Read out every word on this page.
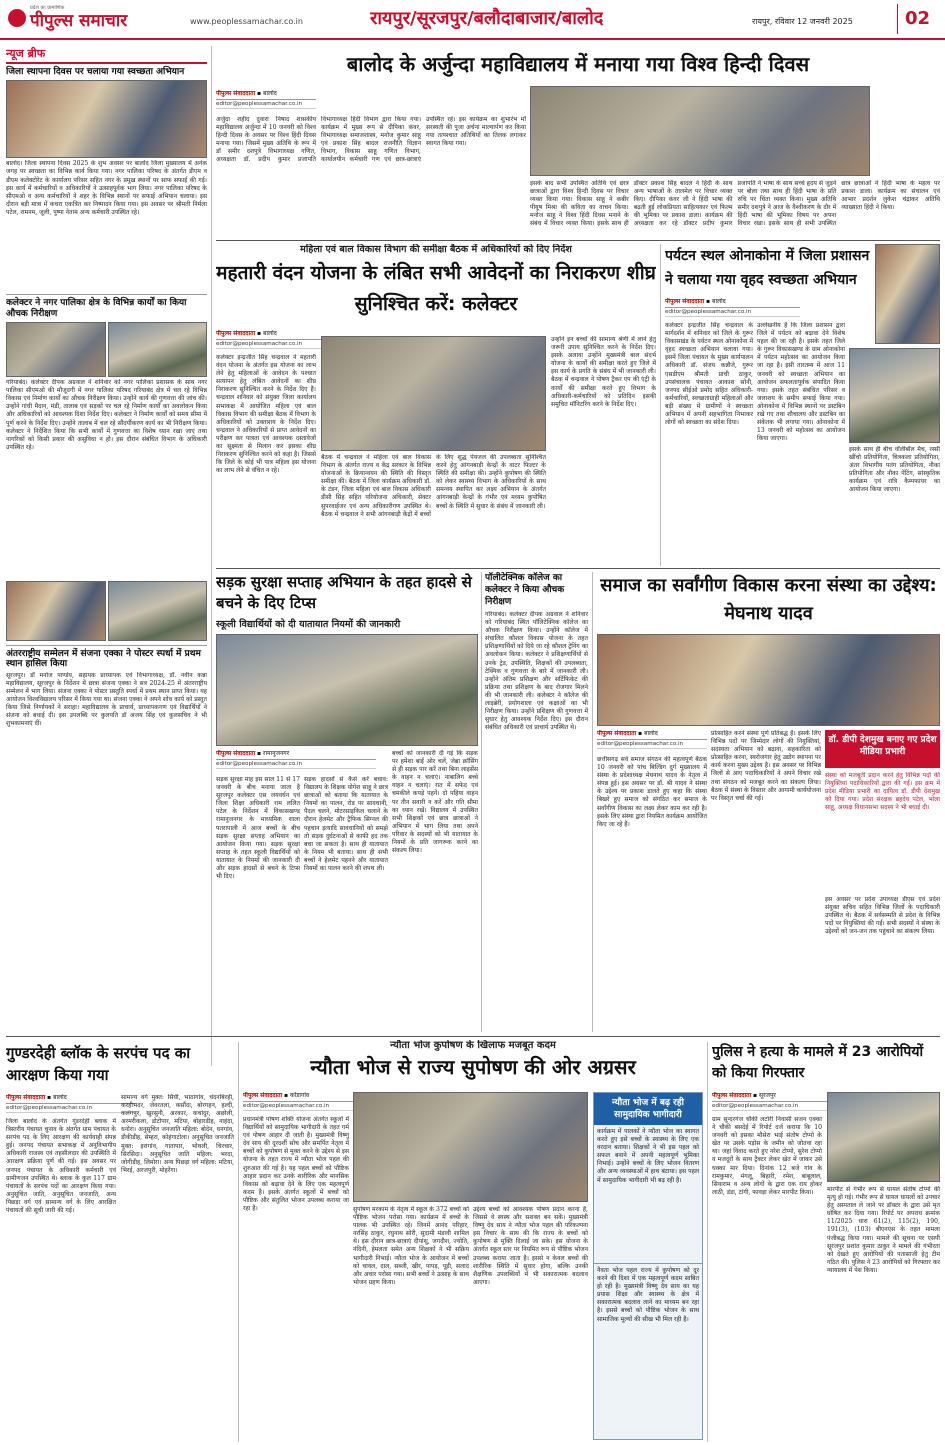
पीपुल्स समाचार
प्रदेश का प्रामाणिक
www.peoplessamachar.co.in	रायपुर/सूरजपुर/बलौदाबाजार/बालोद	रायपुर, रविवार 12 जनवरी 2025	02
न्यूज ब्रीफ
जिला स्थापना दिवस पर चलाया गया स्वच्छता अभियान
बालोद। जिला स्थापना दिवस 2025 के शुभ अवसर पर बालोद जिला मुख्यालय में अनेक जगह पर स्वच्छता का विभिन्न कार्य किया गया। नगर पालिका परिषद के अंतर्गत डीएम व डीएम कलेक्टोरेट के कार्यालय परिसर सहित नगर के प्रमुख स्थानों पर साफ सफाई की गई। इस कार्य में कर्मचारियों व अधिकारियों ने उत्साहपूर्वक भाग लिया। नगर पालिका परिषद के सीएमओ व अन्य कर्मचारियों ने शहर के विभिन्न स्थानों पर सफाई अभियान चलाया। इस दौरान बड़ी मात्रा में कचरा एकत्रित कर निष्पादन किया गया। इस अवसर पर श्रीमती निर्मला पटेल, रामनम, जूली, पुष्पा नेताम अन्य कर्मचारी उपस्थित रहे।
कलेक्टर ने नगर पालिका क्षेत्र के विभिन्न कार्यों का किया औचक निरीक्षण
गरियाबंद। कलेक्टर दीपक अग्रवाल ने शनिवार को नगर पालिका प्रशासक के साथ नगर पालिका सीएमओ की मौजूदगी में नगर पालिका परिषद गरियाबंद क्षेत्र में चल रहे विभिन्न विकास एवं निर्माण कार्यों का औचक निरीक्षण किया। उन्होंने कार्य की गुणवत्ता की जांच की। उन्होंने गांधी मैदान, मंडी, तालाब एवं सड़कों पर चल रहे निर्माण कार्यों का अवलोकन किया और अधिकारियों को आवश्यक दिशा निर्देश दिए। कलेक्टर ने निर्माण कार्यों को समय सीमा में पूर्ण करने के निर्देश दिए। उन्होंने तालाब में चल रहे सौंदर्यीकरण कार्य का भी निरीक्षण किया। कलेक्टर ने निर्देशित किया कि सभी कार्यों में गुणवत्ता का विशेष ध्यान रखा जाए तथा नागरिकों को किसी प्रकार की असुविधा न हो। इस दौरान संबंधित विभाग के अधिकारी उपस्थित रहे।
अंतरराष्ट्रीय सम्मेलन में संजना एक्का ने पोस्टर स्पर्धा में प्रथम स्थान हासिल किया
सूरजपुर। डॉ मनोज पाण्डेय, सहायक प्राध्यापक एवं विभागाध्यक्ष, डॉ. नवीन कन्ना महाविद्यालय, सूरजपुर के निर्देशन में छात्रा संजना एक्का ने सत्र 2024-25 में अंतरराष्ट्रीय सम्मेलन में भाग लिया। संजना एक्का ने पोस्टर प्रस्तुति स्पर्धा में प्रथम स्थान प्राप्त किया। यह आयोजन विश्वविद्यालय परिसर में किया गया था। संजना एक्का ने अपने शोध कार्य को प्रस्तुत किया जिसे निर्णायकों ने सराहा। महाविद्यालय के प्राचार्य, प्राध्यापकगण एवं विद्यार्थियों ने संजना को बधाई दी। इस उपलब्धि पर कुलपति डॉ अजय सिंह एवं कुलसचिव ने भी शुभकामनाएं दीं।
बालोद के अर्जुन्दा महाविद्यालय में मनाया गया विश्व हिन्दी दिवस
पीपुल्स संवाददाता ▪ बालोद
editor@peoplessamachar.co.in
अर्जुदा शहीद दुवारा निषाद शासकीय महाविद्यालय अर्जुन्दा में 10 जनवरी को विश्व हिन्दी दिवस के अवसर पर विश्व हिंदी दिवस मनाया गया। जिसमें मुख्य अतिथि के रूप में डॉ समीर दशपुत्रे विभागाध्यक्ष गणित, अध्यक्षता डॉ. प्रदीप कुमार प्रजापति विभागाध्यक्ष हिंदी विभाग द्वारा किया गया। कार्यक्रम में मुख्य रूप से दीपिका कंवर, विभागाध्यक्ष समाजशास्त्र, मनोज कुमार साहू एवं प्रकाश सिंह बादल राजनीति विज्ञान विभाग, विकास साहू गणित विभाग, कार्यालयीन कर्मचारी गण एवं छात्र-छात्राएं उपस्थित रहे। इस कार्यक्रम का शुभारंभ माँ सरस्वती की पूजा अर्चना माल्यार्पण कर किया गया तत्पश्चात अतिथियों का तिलक लगाकर स्वागत किया गया।
इसके बाद सभी उपस्थित अतिथि एवं छात्र छात्राओं द्वारा विश्व हिन्दी दिवस पर विचार व्यक्त किया गया। विकास साहू ने कबीर पीयूष मिश्रा की कविता का वाचन किया। मनोज साहू ने विश्व हिंदी दिवस मनाने के संबंध में विचार व्यक्त किया। इसके साथ ही डॉक्टर प्रकाश सिंह बादल ने हिंदी के साथ अन्य भाषाओं के तालमेल पर विचार व्यक्त किए। दीपिका कंवर जी ने हिंदी भाषा की बढ़ती हुई लोकप्रियता साहित्यकार एवं फिल्म की भूमिका पर प्रकाश डाला। कार्यक्रम की अध्यक्षता कर रहे डॉक्टर प्रदीप कुमार प्रजापति ने भाषा के साथ सच्चे हृदय से जुड़ने पर बोला तथा साथ ही हिंदी भाषा के प्रति रुचि पर चिंता व्यक्त किया। मुख्य अतिथि समीर दशपुत्रे ने आज के वैश्वीकरण के दौर में हिंदी भाषा की भूमिका विषय पर अपना विचार रखा। इसके साथ ही सभी उपस्थित छात्र छात्राओं ने हिंदी भाषा के महत्व पर प्रकाश डाला। कार्यक्रम का संचालन एवं आभार प्रदर्शन लुकेश चंद्राकर अतिथि व्याख्याता हिंदी ने किया।
महिला एवं बाल विकास विभाग की समीक्षा बैठक में अधिकारियों को दिए निर्देश
महतारी वंदन योजना के लंबित सभी आवेदनों का निराकरण शीघ्र सुनिश्चित करें: कलेक्टर
पीपुल्स संवाददाता ▪ बालोद
editor@peoplessamachar.co.in
कलेक्टर इन्द्रजीत सिंह चन्द्रवाल ने महतारी वंदन योजना के अंतर्गत इस योजना का लाभ लेने हेतु महिलाओं के आवेदन के पश्चात सत्यापन हेतु लंबित आवेदनों का शीघ्र निराकरण सुनिश्चित करने के निर्देश दिए हैं। चन्द्रवाल शनिवार को संयुक्त जिला कार्यालय सभाकक्ष में आयोजित महिला एवं बाल विकास विभाग की समीक्षा बैठक में विभाग के अधिकारियों को उक्ताशय के निर्देश दिए। चन्द्रवाल ने अधिकारियों से प्राप्त आवेदनों का परीक्षण कर पात्रता एवं आवश्यक दस्तावेजों का सूक्ष्मता से मिलान कर इसका शीघ्र निराकरण सुनिश्चित करने को कहा है। जिससे कि जिले के कोई भी पात्र महिला इस योजना का लाभ लेने से वंचित न रहे।
बैठक में चन्द्रवाल ने महिला एवं बाल विकास विभाग के अंतर्गत राज्य व केंद्र सरकार के विभिन्न योजनाओं के क्रियान्वयन की स्थिति की विस्तृत समीक्षा की। बैठक में जिला कार्यक्रम अधिकारी डॉ. के टंडन, जिला महिला एवं बाल विकास अधिकारी डीसी सिंह सहित परियोजना अधिकारी, सेक्टर सुपरवाईजर एवं अन्य अधिकारीगण उपस्थित थे। बैठक में चन्द्रवाल ने सभी आंगनबाड़ी केंद्रों में बच्चों के लिए शुद्ध पेयजल की उपलब्धता सुनिश्चित करने हेतु आंगनबाड़ी केन्द्रों के वाटर फिल्टर के स्थिति की समीक्षा की। उन्होंने कुपोषण की स्थिति को लेकर स्वास्थ्य विभाग के अधिकारियों के साथ समन्वय स्थापित कर लक्ष्य अभियान के अंतर्गत आंगनबाड़ी केन्द्रों के गंभीर एवं मध्यम कुपोषित बच्चों के स्थिति में सुधार के संबंध में जानकारी ली।
उन्होंने इन बच्चों की सामान्य श्रेणी में लाने हेतु जरूरी उपाय सुनिश्चित करने के निर्देश दिए। इसके अलावा उन्होंने मुख्यमंत्री बाल संदर्भ योजना के कार्यों की समीक्षा करते हुए जिले में इस कार्य के प्रगति के संबंध में भी जानकारी ली। बैठक में चन्द्रवाल ने पोषण ट्रैकर एप की एंट्री के कार्यों की समीक्षा करते हुए विभाग के अधिकारी-कर्मचारियों को प्रतिदिन इसकी समुचित मॉनिटरिंग करने के निर्देश दिए।
पर्यटन स्थल ओनाकोना में जिला प्रशासन ने चलाया गया वृहद स्वच्छता अभियान
पीपुल्स संवाददाता ▪ बालोद
editor@peoplessamachar.co.in
कलेक्टर इन्द्रजीत सिंह चन्द्रवाल के मार्गदर्शन में शनिवार को जिले के गुरूर विकासखंड के पर्यटन स्थल ओनाकोना में वृहद स्वच्छता अभियान चलाया गया। इसमें जिला पंचायत के मुख्य कार्यपालन अधिकारी डॉ. संजय कन्नौजे, गुरूर एसडीएम श्रीमती प्राची ठाकुर, उपसंचालक पंचायत आकाश सोनी, जनपद सीईओ प्रमोद सहित अधिकारी-कर्मचारियों, स्वच्छताग्राही महिलाओं और बड़ी संख्या में ग्रामीणों ने स्वच्छता अभियान में अपनी सहभागिता निभाकर लोगों को स्वच्छता का संदेश दिया।
उल्लेखनीय है कि जिला प्रशासन द्वारा जिले में पर्यटन को बढ़ावा देने विशेष पहल की जा रही है। इसके तहत जिले के गुरूर विकासखण्ड के ग्राम ओनाकोना में पर्यटन महोत्सव का आयोजन किया जा रहा है। इसी तारतम्य में आज 11 जनवरी को स्वच्छता अभियान का आयोजन सफलतापूर्वक संपादित किया गया। इसके तहत संबंधित परिसर व जलाशय के समीप सफाई किया गया। ओनाकोना में विभिन्न स्थानों पर डस्टबिन रखे गए तथा शौचालय और डस्टबिन का संकेतक भी लगाया गया। ओनाकोना में 13 जनवरी को महोत्सव का आयोजन किया जाएगा।
इसके साथ ही बीच वॉलीबॉल मैच, रस्सी खींचो प्रतियोगिता, चित्रकला प्रतियोगिता, अंतर विभागीय पतंग प्रतियोगिता, नौका प्रतियोगिता और नौका पेंटिंग, सांस्कृतिक कार्यक्रम एवं रात्रि कैम्पफायर का आयोजन किया जाएगा।
सड़क सुरक्षा सप्ताह अभियान के तहत हादसे से बचने के दिए टिप्स
स्कूली विद्यार्थियों को दी यातायात नियमों की जानकारी
पीपुल्स संवाददाता ▪ रामानुजनगर
editor@peoplessamachar.co.in
सड़क सुरक्षा माह इस साल 11 से 17 जनवरी के बीच मनाया जाता है सूरजपुर कलेक्टर एस जयवर्धन एवं जिला शिक्षा अधिकारी राम ललित पटेल के निर्देशन में विकासखण्ड रामानुजनगर के माध्यमिक शाला पतरापाली में आज बच्चों के बीच सड़क सुरक्षा सप्ताह अभियान का आयोजन किया गया। सड़क सुरक्षा सप्ताह के तहत स्कूली विद्यार्थियों को यातायात के नियमों की जानकारी दी और सड़क हादसों से बचने के टिप्स भी दिए।
सड़क हादसों से कैसे करें बचाव: विद्यालय के शिक्षक योगेश साहू ने छात्र छात्राओं को बताया कि यातायात के नियमों का पालन, रोड पर सावधानी, पैदल चलने, मोटरसाइकिल चलाने के दौरान हेलमेट और ट्रैफिक सिग्नल की पहचान इत्यादि सावधानियों को समझे तो सड़क दुर्घटनाओं से काफी हद तक बचा जा सकता है। साथ ही यातायात के नियम भी बताया। साथ ही सभी बच्चों ने हेलमेट पहनने और यातायात नियमों का पालन करने की शपथ ली।
बच्चों को जानकारी दी गई कि सड़क पर हमेशा बाईं ओर चलें, जेब्रा क्रॉसिंग से ही सड़क पार करें तथा बिना लाइसेंस के वाहन न चलाएं। नाबालिग बच्चे वाहन न चलाएं। रात में सफेद एवं चमकीले कपड़े पहनें। दो पहिया वाहन पर तीन सवारी न करें और गति सीमा का ध्यान रखें। विद्यालय में उपस्थित सभी शिक्षकों एवं छात्र छात्राओं ने अभियान में भाग लिया तथा अपने परिवार के सदस्यों को भी यातायात के नियमों के प्रति जागरूक करने का संकल्प लिया।
पॉलीटेक्निक कॉलेज का कलेक्टर ने किया औचक निरीक्षण
गरियाबंद। कलेक्टर दीपक अग्रवाल ने शनिवार को गरियाबंद स्थित पॉलिटेक्निक कॉलेज का औचक निरीक्षण किया। उन्होंने कॉलेज में संचालित कौशल विकास योजना के तहत प्रशिक्षणार्थियों को दिये जा रहे कौशल ट्रेनिंग का अवलोकन किया। कलेक्टर ने प्रशिक्षणार्थियों से उनके ट्रेड, उपस्थिति, शिक्षकों की उपलब्धता, टेक्निक व गुणवत्ता के बारे में जानकारी ली। उन्होंने अंतिम प्रशिक्षण और सर्टिफिकेट की प्रक्रिया तथा प्रशिक्षण के बाद रोजगार मिलने की भी जानकारी ली। कलेक्टर ने कॉलेज की लाइब्रेरी, प्रयोगशाला एवं कक्षाओं का भी निरीक्षण किया। उन्होंने प्रशिक्षण की गुणवत्ता में सुधार हेतु आवश्यक निर्देश दिए। इस दौरान संबंधित अधिकारी एवं प्राचार्य उपस्थित थे।
समाज का सर्वांगीण विकास करना संस्था का उद्देश्य: मेघनाथ यादव
पीपुल्स संवाददाता ▪ बालोद
editor@peoplessamachar.co.in
छत्तीसगढ़ सर्व समाज संगठन की महत्वपूर्ण बैठक 10 जनवरी को पांच बिल्डिंग दुर्ग मुख्यालय में संस्था के प्रदेशाध्यक्ष मेघनाथ यादव के नेतृत्व में संपन्न हुई। इस अवसर पर डॉ. श्री यादव ने संस्था के उद्देश्य पर प्रकाश डालते हुए कहा कि संस्था बिखरे हुए समाज को संगठित कर समाज के सर्वांगीण विकास का लक्ष्य लेकर काम कर रही है। इसके लिए संस्था द्वारा नियमित कार्यक्रम आयोजित किए जा रहे हैं।
प्रोत्साहित करने संस्था पूर्ण प्रतिबद्ध है। इसके लिए विभिन्न पदों पर जिम्मेदार लोगों की नियुक्तियां, सदस्यता अभियान को बढ़ावा, सहकारिता को प्रोत्साहित करना, स्वरोजगार हेतु उद्योग स्थापना पर कार्य करना मुख्य उद्देश्य है। इस अवसर पर विभिन्न जिलों से आए पदाधिकारियों ने अपने विचार रखे तथा संगठन को मजबूत करने का संकल्प लिया। बैठक में संस्था के विस्तार और आगामी कार्ययोजना पर विस्तृत चर्चा की गई।
डॉ. डीपी देशमुख बनाए गए प्रदेश मीडिया प्रभारी
संस्था को मजबूती प्रदान करने हेतु विभिन्न पदों की नियुक्तियां पदाधिकारियों द्वारा की गईं। इस क्रम में प्रदेश मीडिया प्रभारी का दायित्व डॉ. डीपी देशमुख को दिया गया। प्रदेश संरक्षक ब्रहदेव पटेल, भोला साहू, अध्यक्ष विधानसभा सदस्य ने भी बधाई दी।
इस अवसर पर प्रदेश उपाध्यक्ष डीएस एवं प्रदेश संयुक्त सचिव सहित विभिन्न जिलों के पदाधिकारी उपस्थित थे। बैठक में सर्वसम्मति से प्रदेश के विभिन्न पदों पर नियुक्तियां की गईं। सभी सदस्यों ने संस्था के उद्देश्यों को जन-जन तक पहुंचाने का संकल्प लिया।
गुण्डरदेही ब्लॉक के सरपंच पद का आरक्षण किया गया
पीपुल्स संवाददाता ▪ बालोद
editor@peoplessamachar.co.in
जिला बालोद के अंतर्गत गुंडरदेही ब्लाक में त्रिस्तरीय पंचायत चुनाव के अंतर्गत ग्राम पंचायत के सरपंच पद के लिए आरक्षण की कार्यवाही संपन्न हुई। जनपद पंचायत सभाकक्ष में अनुविभागीय अधिकारी राजस्व एवं तहसीलदार की उपस्थिति में आरक्षण प्रक्रिया पूर्ण की गई। इस अवसर पर जनपद पंचायत के अधिकारी कर्मचारी एवं ग्रामीणजन उपस्थित थे। ब्लाक के कुल 117 ग्राम पंचायतों के सरपंच पदों का आरक्षण किया गया। अनुसूचित जाति, अनुसूचित जनजाति, अन्य पिछड़ा वर्ग एवं सामान्य वर्ग के लिए आरक्षित पंचायतों की सूची जारी की गई।
सामान्य वर्ग मुक्त: सिंघी, भाठागांव, चंदनबिरही, करहीभदर, जेवरतला, कसौंदा, बोरगहन, हल्दी, कलंगपुर, खुरसुनी, अरकार, कचांदुर, अछोली, अरमरीकला, डोटोपार, मटिया, बोहारडीह, नाहंदा, धनोरा। अनुसूचित जनजाति महिला: बोदेन, धनगांव, डौकीडीह, सेम्हरा, कोहंगाटोला। अनुसूचित जनजाति मुक्त: इरागांव, गातापार, भोथली, चिरचार, सिरसिदा। अनुसूचित जाति महिला: भरदा, जोगीडीह, लिमोरा। अन्य पिछड़ा वर्ग महिला: मटिया, भिरई, अरजपुरी, मोहरेंगा।
न्यौता भोज कुपोषण के खिलाफ मजबूत कदम
न्यौता भोज से राज्य सुपोषण की ओर अग्रसर
पीपुल्स संवाददाता ▪ कोंडागांव
editor@peoplessamachar.co.in
प्रधानमंत्री पोषण शक्ति योजना अंतर्गत स्कूलों में विद्यार्थियों को सामुदायिक भागीदारी के तहत गर्म एवं पोषण आहार दी जाती है। मुख्यमंत्री विष्णु देव साय की दूरदर्शी सोच और समर्पित नेतृत्व में बच्चों को कुपोषण से मुक्त करने के उद्देश्य से इस योजना के तहत राज्य में न्यौता भोज पहल की शुरुआत की गई है। यह पहल बच्चों को पौष्टिक आहार प्रदान कर उनके शारीरिक और मानसिक विकास को बढ़ावा देने के लिए एक महत्वपूर्ण कदम है। इसके अंतर्गत स्कूलों में बच्चों को पौष्टिक और संतुलित भोजन उपलब्ध कराया जा रहा है।	सुपोषण मरकाम के नेतृत्व में स्कूल के 372 बच्चों को पौष्टिक भोजन परोसा गया। कार्यक्रम में बच्चों के पालक भी उपस्थित रहे। जिनमें आनंद परिहार, नरसिंह ठाकुर, रघुनाथ सोरी, सुदामी मंडावी शामिल थे। इस दौरान छात्र-छात्राएं दीपांशु, जगदीश, ज्योति, नंदिनी, हेमलता समेत अन्य शिक्षकों ने भी सक्रिय भागीदारी निभाई। न्यौता भोज के आयोजन में बच्चों को चावल, दाल, सब्जी, खीर, पापड़, पूड़ी, सलाद और अचार परोसा गया। सभी बच्चों ने उत्साह के साथ भोजन ग्रहण किया।
उद्देश्य बच्चों को आवश्यक पोषण प्रदान करना है, जिससे वे स्वस्थ और सशक्त बन सकें। मुख्यमंत्री विष्णु देव साय ने न्यौता भोज पहल की परिकल्पना इस विचार के साथ की कि राज्य के बच्चों को कुपोषण से मुक्ति दिलाई जा सके। इस योजना के अंतर्गत स्कूल स्तर पर नियमित रूप से पौष्टिक भोजन उपलब्ध कराया जाता है। इससे न केवल बच्चों की शारीरिक स्थिति में सुधार होगा, बल्कि उनकी शैक्षणिक उपलब्धियों में भी सकारात्मक बदलाव आएगा।
न्यौता भोज में बढ़ रही सामुदायिक भागीदारी
कार्यक्रम में पालकों ने न्यौता भोज का स्वागत करते हुए इसे बच्चों के स्वास्थ्य के लिए एक वरदान बताया। शिक्षकों ने भी इस पहल को सफल बनाने में अपनी महत्वपूर्ण भूमिका निभाई। उन्होंने बच्चों के लिए भोजन वितरण और अन्य व्यवस्थाओं में हाथ बंटाया। इस पहल में सामुदायिक भागीदारी भी बढ़ रही है।
नैवता भोज पहल राज्य में कुपोषण को दूर करने की दिशा में एक महत्वपूर्ण कदम साबित हो रही है। मुख्यमंत्री विष्णु देव साय का यह प्रयास शिक्षा और स्वास्थ्य के क्षेत्र में सकारात्मक बदलाव लाने का माध्यम बन रहा है। इससे बच्चों को पौष्टिक भोजन के साथ सामाजिक मूल्यों की सीख भी मिल रही है।
पुलिस ने हत्या के मामले में 23 आरोपियों को किया गिरफ्तार
पीपुल्स संवाददाता ▪ सूरजपुर
editor@peoplessamachar.co.in
ग्राम सुन्दरगंज चौकी लटोरी निवासी सजन एक्का ने चौकी बसदेई में रिपोर्ट दर्ज कराया कि 10 जनवरी को इसका मौसेरा भाई संतोष टोप्पो के खेत पर उसके पड़ोस के जमीन को जोतवा रहा था। जहां विवाद करते हुए नरेश टोप्पो, सुरेश टोप्पो व मजदूरों के साथ ट्रैक्टर लेकर खेत में जाकर उसे धक्का मार दिया। दिनांक 12 बजे गांव के रामकुमार, मंगलू, बिहारी, रमेश, बाबूलाल, सियाराम व अन्य लोगों के द्वारा एक राय होकर लाठी, डंडा, टांगी, फावड़ा लेकर मारपीट किया।	मारपीट से गंभीर रूप से घायल संतोष टोप्पो की मृत्यु हो गई। गंभीर रूप से घायल घायलों को उपचार हेतु अस्पताल ले जाने पर डॉक्टर के द्वारा उसे मृत घोषित कर दिया गया। रिपोर्ट पर अपराध क्रमांक 11/2025 धारा 61(2), 115(2), 190, 191(3), (103) बीएनएस के तहत मामला पंजीबद्ध किया गया। मामले की सूचना पर एसपी सूरजपुर प्रशांत कुमार ठाकुर ने मामले की गंभीरता को देखते हुए आरोपियों की पतासाजी हेतु टीम गठित की। पुलिस ने 23 आरोपियों को गिरफ्तार कर न्यायालय में पेश किया।
